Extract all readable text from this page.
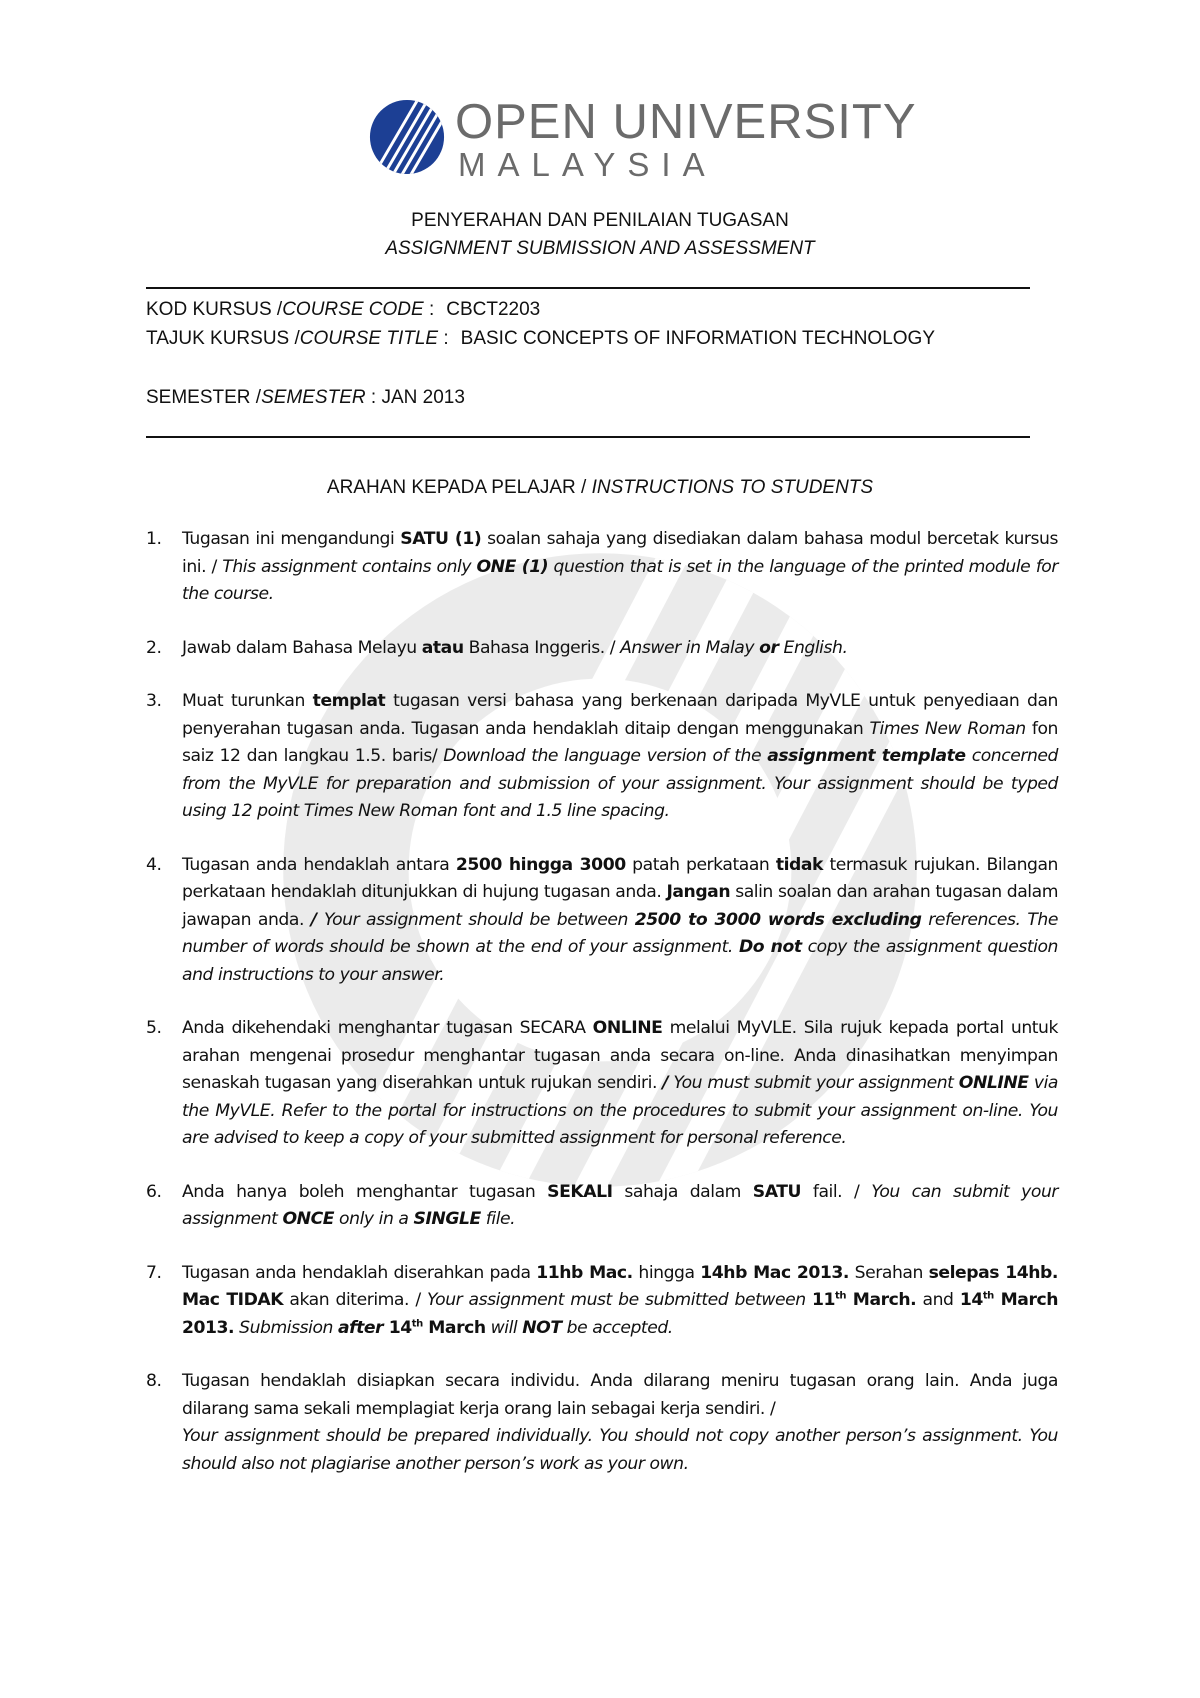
OPEN UNIVERSITY
MALAYSIA
PENYERAHAN DAN PENILAIAN TUGASAN
ASSIGNMENT SUBMISSION AND ASSESSMENT
KOD KURSUS /COURSE CODE : CBCT2203
TAJUK KURSUS /COURSE TITLE : BASIC CONCEPTS OF INFORMATION TECHNOLOGY
SEMESTER /SEMESTER : JAN 2013
ARAHAN KEPADA PELAJAR / INSTRUCTIONS TO STUDENTS
1. Tugasan ini mengandungi SATU (1) soalan sahaja yang disediakan dalam bahasa modul bercetak kursus ini. / This assignment contains only ONE (1) question that is set in the language of the printed module for the course.
2. Jawab dalam Bahasa Melayu atau Bahasa Inggeris. / Answer in Malay or English.
3. Muat turunkan templat tugasan versi bahasa yang berkenaan daripada MyVLE untuk penyediaan dan penyerahan tugasan anda. Tugasan anda hendaklah ditaip dengan menggunakan Times New Roman fon saiz 12 dan langkau 1.5. baris/ Download the language version of the assignment template concerned from the MyVLE for preparation and submission of your assignment. Your assignment should be typed using 12 point Times New Roman font and 1.5 line spacing.
4. Tugasan anda hendaklah antara 2500 hingga 3000 patah perkataan tidak termasuk rujukan. Bilangan perkataan hendaklah ditunjukkan di hujung tugasan anda. Jangan salin soalan dan arahan tugasan dalam jawapan anda. / Your assignment should be between 2500 to 3000 words excluding references. The number of words should be shown at the end of your assignment. Do not copy the assignment question and instructions to your answer.
5. Anda dikehendaki menghantar tugasan SECARA ONLINE melalui MyVLE. Sila rujuk kepada portal untuk arahan mengenai prosedur menghantar tugasan anda secara on-line. Anda dinasihatkan menyimpan senaskah tugasan yang diserahkan untuk rujukan sendiri. / You must submit your assignment ONLINE via the MyVLE. Refer to the portal for instructions on the procedures to submit your assignment on-line. You are advised to keep a copy of your submitted assignment for personal reference.
6. Anda hanya boleh menghantar tugasan SEKALI sahaja dalam SATU fail. / You can submit your assignment ONCE only in a SINGLE file.
7. Tugasan anda hendaklah diserahkan pada 11hb Mac. hingga 14hb Mac 2013. Serahan selepas 14hb. Mac TIDAK akan diterima. / Your assignment must be submitted between 11th March. and 14th March 2013. Submission after 14th March will NOT be accepted.
8. Tugasan hendaklah disiapkan secara individu. Anda dilarang meniru tugasan orang lain. Anda juga dilarang sama sekali memplagiat kerja orang lain sebagai kerja sendiri. /
Your assignment should be prepared individually. You should not copy another person’s assignment. You should also not plagiarise another person’s work as your own.
